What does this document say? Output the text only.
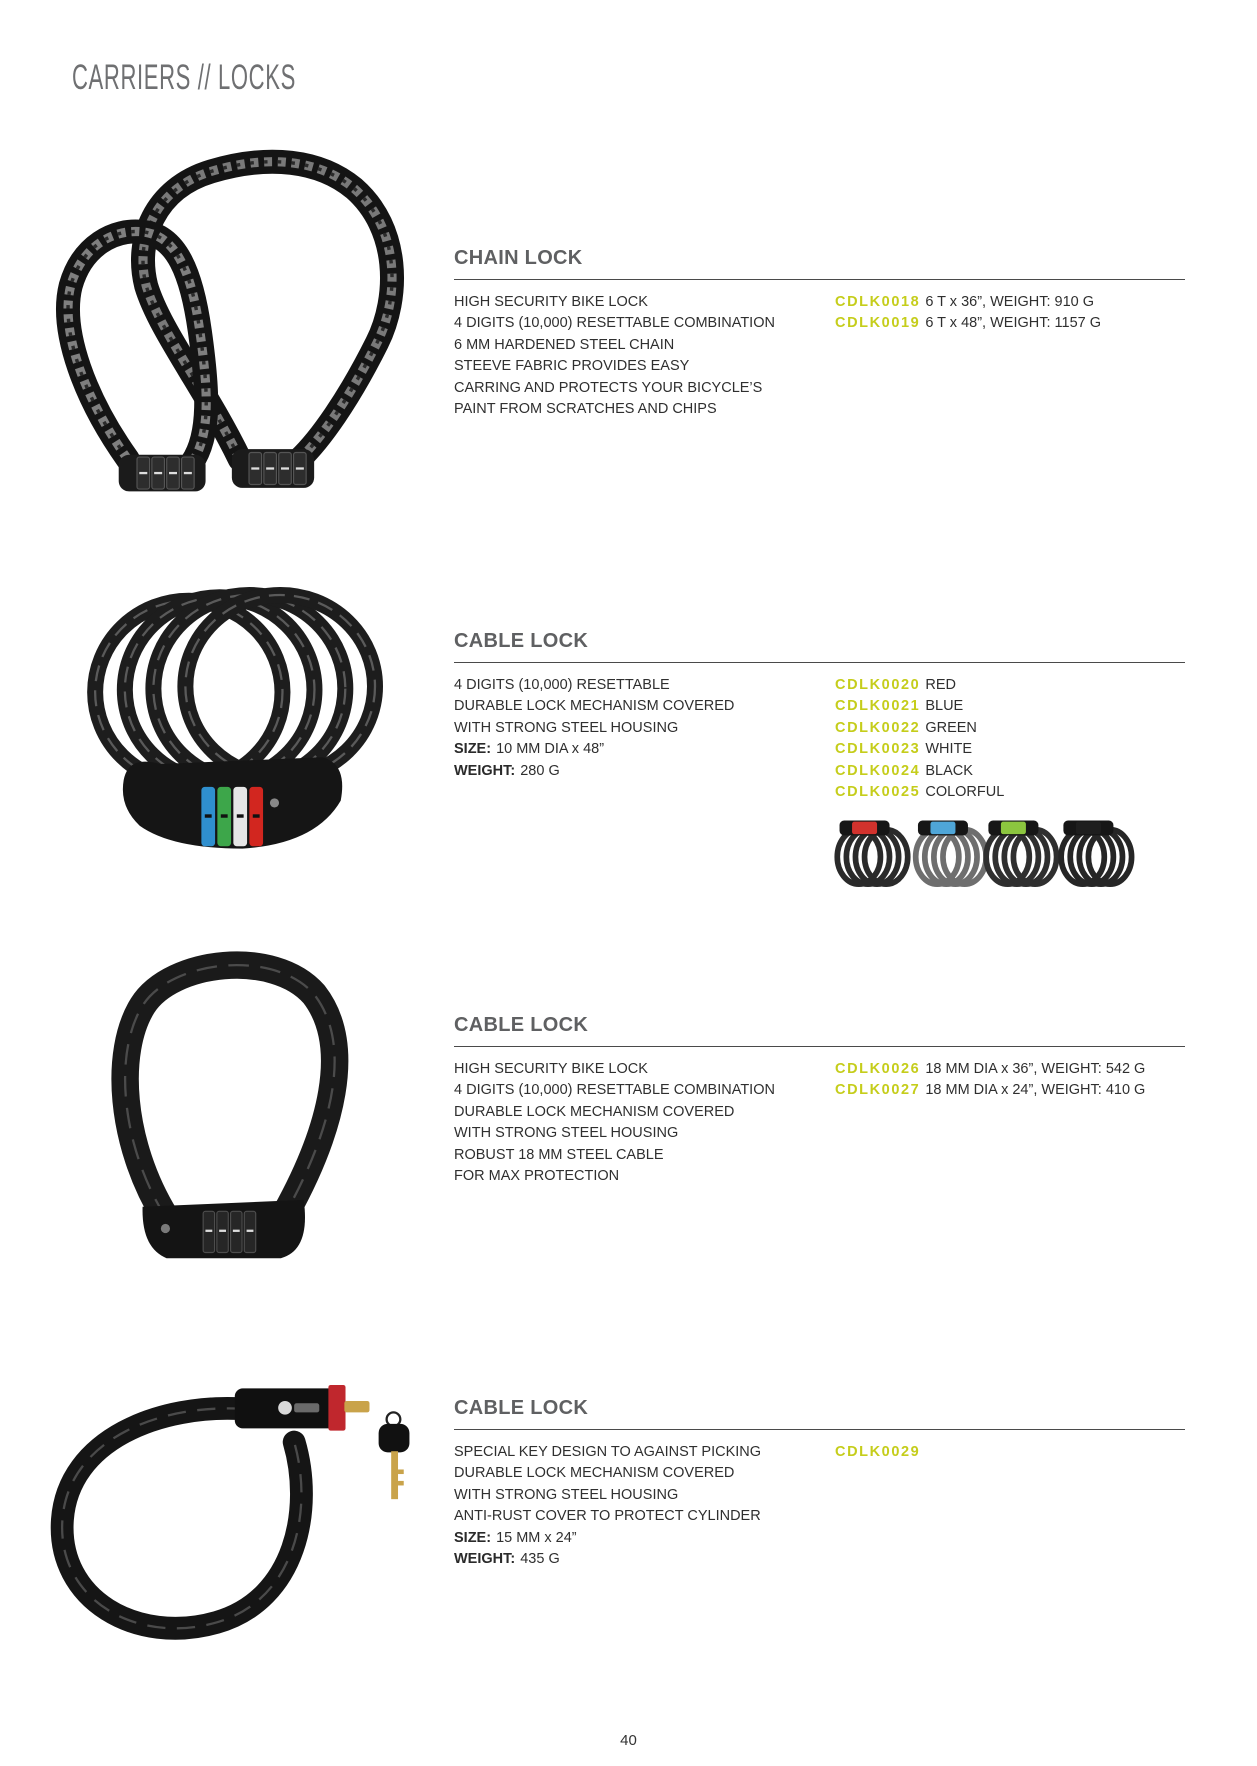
CARRIERS // LOCKS
CHAIN LOCK
HIGH SECURITY BIKE LOCK
4 DIGITS (10,000) RESETTABLE COMBINATION
6 MM HARDENED STEEL CHAIN
STEEVE FABRIC PROVIDES EASY
CARRING AND PROTECTS YOUR BICYCLE’S
PAINT FROM SCRATCHES AND CHIPS
CDLK0018 6 T x 36”, WEIGHT: 910 G
CDLK0019 6 T x 48”, WEIGHT: 1157 G
CABLE LOCK
4 DIGITS (10,000) RESETTABLE
DURABLE LOCK MECHANISM COVERED
WITH STRONG STEEL HOUSING
SIZE: 10 MM DIA x 48”
WEIGHT: 280 G
CDLK0020 RED
CDLK0021 BLUE
CDLK0022 GREEN
CDLK0023 WHITE
CDLK0024 BLACK
CDLK0025 COLORFUL
CABLE LOCK
HIGH SECURITY BIKE LOCK
4 DIGITS (10,000) RESETTABLE COMBINATION
DURABLE LOCK MECHANISM COVERED
WITH STRONG STEEL HOUSING
ROBUST 18 MM STEEL CABLE
FOR MAX PROTECTION
CDLK0026 18 MM DIA x 36”, WEIGHT: 542 G
CDLK0027 18 MM DIA x 24”, WEIGHT: 410 G
CABLE LOCK
SPECIAL KEY DESIGN TO AGAINST PICKING
DURABLE LOCK MECHANISM COVERED
WITH STRONG STEEL HOUSING
ANTI-RUST COVER TO PROTECT CYLINDER
SIZE: 15 MM x 24”
WEIGHT: 435 G
CDLK0029
40
